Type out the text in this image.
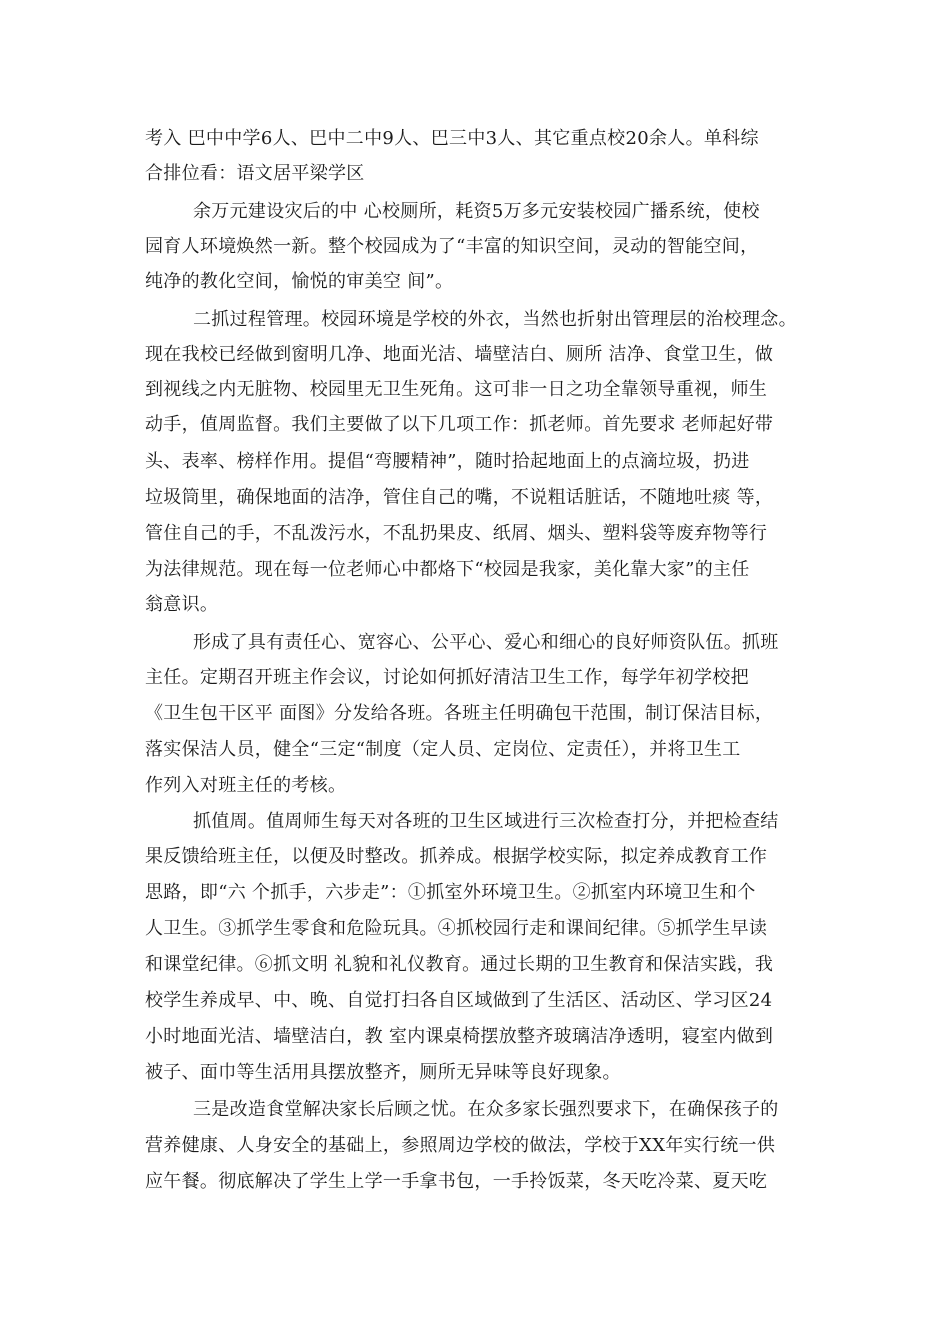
考入 巴中中学6人、巴中二中9人、巴三中3人、其它重点校20余人。单科综
合排位看：语文居平梁学区
余万元建设灾后的中 心校厕所，耗资5万多元安装校园广播系统，使校
园育人环境焕然一新。整个校园成为了“丰富的知识空间，灵动的智能空间，
纯净的教化空间，愉悦的审美空 间”。
二抓过程管理。校园环境是学校的外衣，当然也折射出管理层的治校理念。
现在我校已经做到窗明几净、地面光洁、墙壁洁白、厕所 洁净、食堂卫生，做
到视线之内无脏物、校园里无卫生死角。这可非一日之功全靠领导重视，师生
动手，值周监督。我们主要做了以下几项工作：抓老师。首先要求 老师起好带
头、表率、榜样作用。提倡“弯腰精神”，随时拾起地面上的点滴垃圾，扔进
垃圾筒里，确保地面的洁净，管住自己的嘴，不说粗话脏话，不随地吐痰 等，
管住自己的手，不乱泼污水，不乱扔果皮、纸屑、烟头、塑料袋等废弃物等行
为法律规范。现在每一位老师心中都烙下“校园是我家，美化靠大家”的主任
翁意识。
形成了具有责任心、宽容心、公平心、爱心和细心的良好师资队伍。抓班
主任。定期召开班主作会议，讨论如何抓好清洁卫生工作，每学年初学校把
《卫生包干区平 面图》分发给各班。各班主任明确包干范围，制订保洁目标，
落实保洁人员，健全“三定“制度（定人员、定岗位、定责任），并将卫生工
作列入对班主任的考核。
抓值周。值周师生每天对各班的卫生区域进行三次检查打分，并把检查结
果反馈给班主任，以便及时整改。抓养成。根据学校实际，拟定养成教育工作
思路，即“六 个抓手，六步走”：①抓室外环境卫生。②抓室内环境卫生和个
人卫生。③抓学生零食和危险玩具。④抓校园行走和课间纪律。⑤抓学生早读
和课堂纪律。⑥抓文明 礼貌和礼仪教育。通过长期的卫生教育和保洁实践，我
校学生养成早、中、晚、自觉打扫各自区域做到了生活区、活动区、学习区24
小时地面光洁、墙壁洁白，教 室内课桌椅摆放整齐玻璃洁净透明，寝室内做到
被子、面巾等生活用具摆放整齐，厕所无异味等良好现象。
三是改造食堂解决家长后顾之忧。在众多家长强烈要求下，在确保孩子的
营养健康、人身安全的基础上，参照周边学校的做法，学校于XX年实行统一供
应午餐。彻底解决了学生上学一手拿书包，一手拎饭菜，冬天吃冷菜、夏天吃
